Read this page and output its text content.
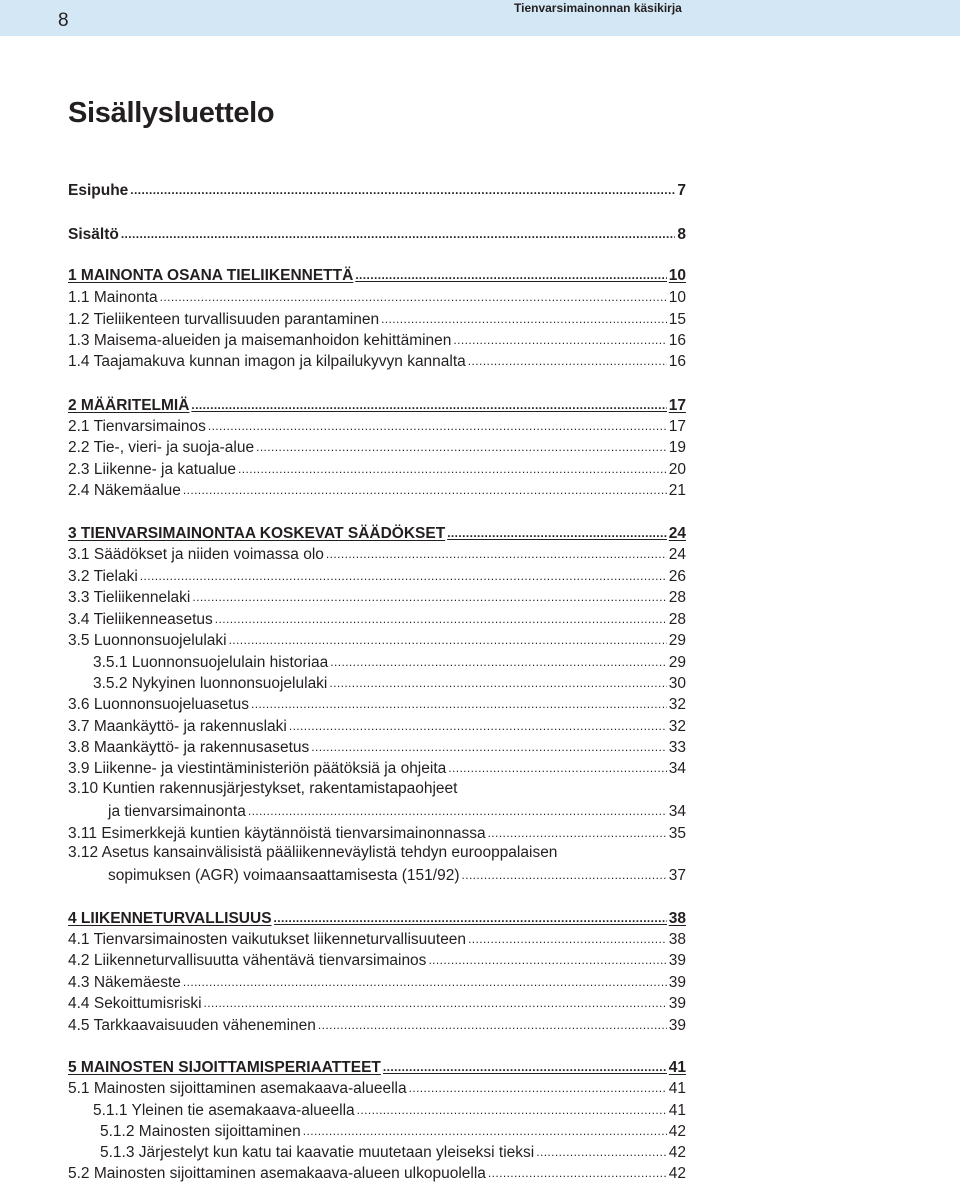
8
Tienvarsimainonnan käsikirja
Sisällysluettelo
Esipuhe .....	7
Sisältö .....	8
1 MAINONTA OSANA TIELIIKENNETTÄ .....	10
1.1 Mainonta .....	10
1.2 Tieliikenteen turvallisuuden parantaminen .....	15
1.3 Maisema-alueiden ja maisemanhoidon kehittäminen .....	16
1.4 Taajamakuva kunnan imagon ja kilpailukyvyn kannalta .....	16
2 MÄÄRITELMIÄ .....	17
2.1 Tienvarsimainos .....	17
2.2 Tie-, vieri- ja suoja-alue .....	19
2.3 Liikenne- ja katualue .....	20
2.4 Näkemäalue .....	21
3 TIENVARSIMAINONTAA KOSKEVAT SÄÄDÖKSET .....	24
3.1 Säädökset ja niiden voimassa olo .....	24
3.2 Tielaki .....	26
3.3 Tieliikennelaki .....	28
3.4 Tieliikenneasetus .....	28
3.5 Luonnonsuojelulaki .....	29
3.5.1 Luonnonsuojelulain historiaa .....	29
3.5.2 Nykyinen luonnonsuojelulaki .....	30
3.6 Luonnonsuojeluasetus .....	32
3.7 Maankäyttö- ja rakennuslaki .....	32
3.8 Maankäyttö- ja rakennusasetus .....	33
3.9 Liikenne- ja viestintäministeriön päätöksiä ja ohjeita .....	34
3.10 Kuntien rakennusjärjestykset, rakentamistapaohjeet
ja tienvarsimainonta .....	34
3.11 Esimerkkejä kuntien käytännöistä tienvarsimainonnassa .....	35
3.12 Asetus kansainvälisistä pääliikenneväylistä tehdyn eurooppalaisen
sopimuksen (AGR) voimaansaattamisesta (151/92) .....	37
4 LIIKENNETURVALLISUUS .....	38
4.1 Tienvarsimainosten vaikutukset liikenneturvallisuuteen .....	38
4.2 Liikenneturvallisuutta vähentävä tienvarsimainos .....	39
4.3 Näkemäeste .....	39
4.4 Sekoittumisriski .....	39
4.5 Tarkkaavaisuuden väheneminen .....	39
5 MAINOSTEN SIJOITTAMISPERIAATTEET .....	41
5.1 Mainosten sijoittaminen asemakaava-alueella .....	41
5.1.1 Yleinen tie asemakaava-alueella .....	41
5.1.2 Mainosten sijoittaminen .....	42
5.1.3 Järjestelyt kun katu tai kaavatie muutetaan yleiseksi tieksi .....	42
5.2 Mainosten sijoittaminen asemakaava-alueen ulkopuolella .....	42
